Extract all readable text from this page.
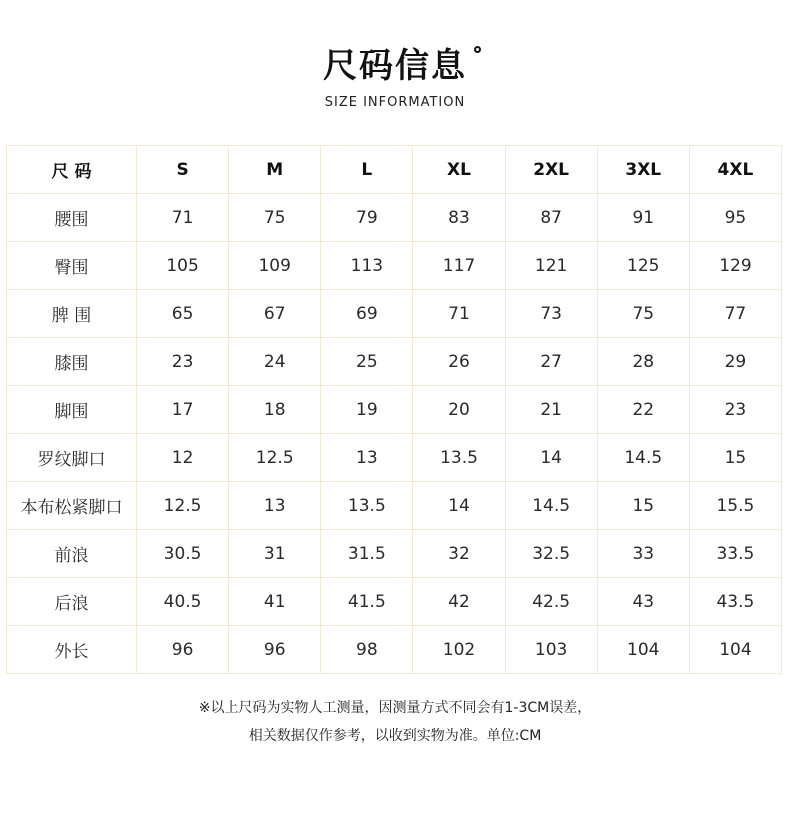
尺码信息
SIZE INFORMATION
尺 码	S	M	L	XL	2XL	3XL	4XL
腰围	71	75	79	83	87	91	95
臀围	105	109	113	117	121	125	129
脾 围	65	67	69	71	73	75	77
膝围	23	24	25	26	27	28	29
脚围	17	18	19	20	21	22	23
罗纹脚口	12	12.5	13	13.5	14	14.5	15
本布松紧脚口	12.5	13	13.5	14	14.5	15	15.5
前浪	30.5	31	31.5	32	32.5	33	33.5
后浪	40.5	41	41.5	42	42.5	43	43.5
外长	96	96	98	102	103	104	104
※以上尺码为实物人工测量，因测量方式不同会有1-3CM误差，
相关数据仅作参考，以收到实物为准。单位:CM
